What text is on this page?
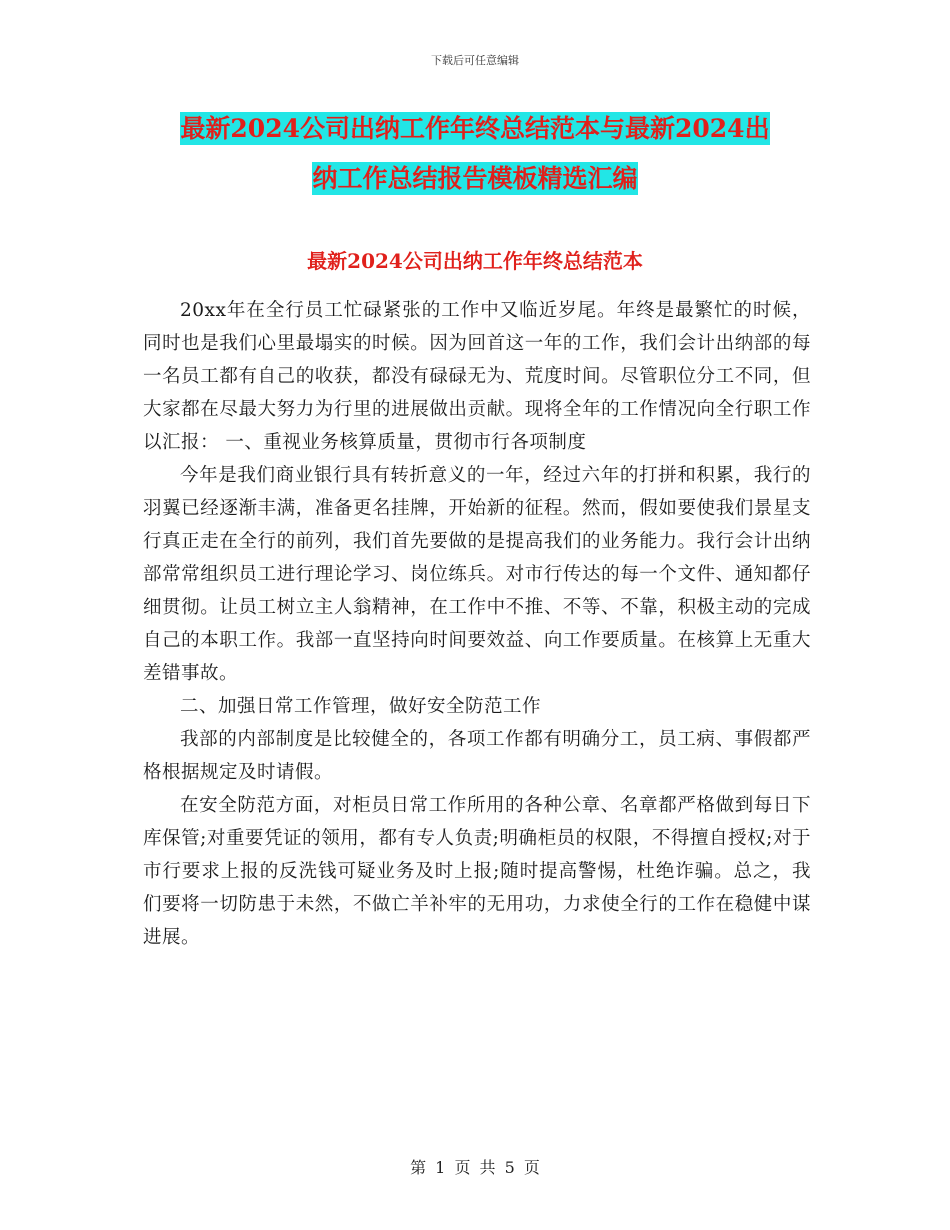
下载后可任意编辑
最新2024公司出纳工作年终总结范本与最新2024出
纳工作总结报告模板精选汇编
最新2024公司出纳工作年终总结范本

20xx年在全行员工忙碌紧张的工作中又临近岁尾。年终是最繁忙的时候，同时也是我们心里最塌实的时候。因为回首这一年的工作，我们会计出纳部的每一名员工都有自己的收获，都没有碌碌无为、荒度时间。尽管职位分工不同，但大家都在尽最大努力为行里的进展做出贡献。现将全年的工作情况向全行职工作以汇报： 一、重视业务核算质量，贯彻市行各项制度

今年是我们商业银行具有转折意义的一年，经过六年的打拼和积累，我行的羽翼已经逐渐丰满，准备更名挂牌，开始新的征程。然而，假如要使我们景星支行真正走在全行的前列，我们首先要做的是提高我们的业务能力。我行会计出纳部常常组织员工进行理论学习、岗位练兵。对市行传达的每一个文件、通知都仔细贯彻。让员工树立主人翁精神，在工作中不推、不等、不靠，积极主动的完成自己的本职工作。我部一直坚持向时间要效益、向工作要质量。在核算上无重大差错事故。

二、加强日常工作管理，做好安全防范工作

我部的内部制度是比较健全的，各项工作都有明确分工，员工病、事假都严格根据规定及时请假。

在安全防范方面，对柜员日常工作所用的各种公章、名章都严格做到每日下库保管;对重要凭证的领用，都有专人负责;明确柜员的权限，不得擅自授权;对于市行要求上报的反洗钱可疑业务及时上报;随时提高警惕，杜绝诈骗。总之，我们要将一切防患于未然，不做亡羊补牢的无用功，力求使全行的工作在稳健中谋进展。

第 1 页 共 5 页
